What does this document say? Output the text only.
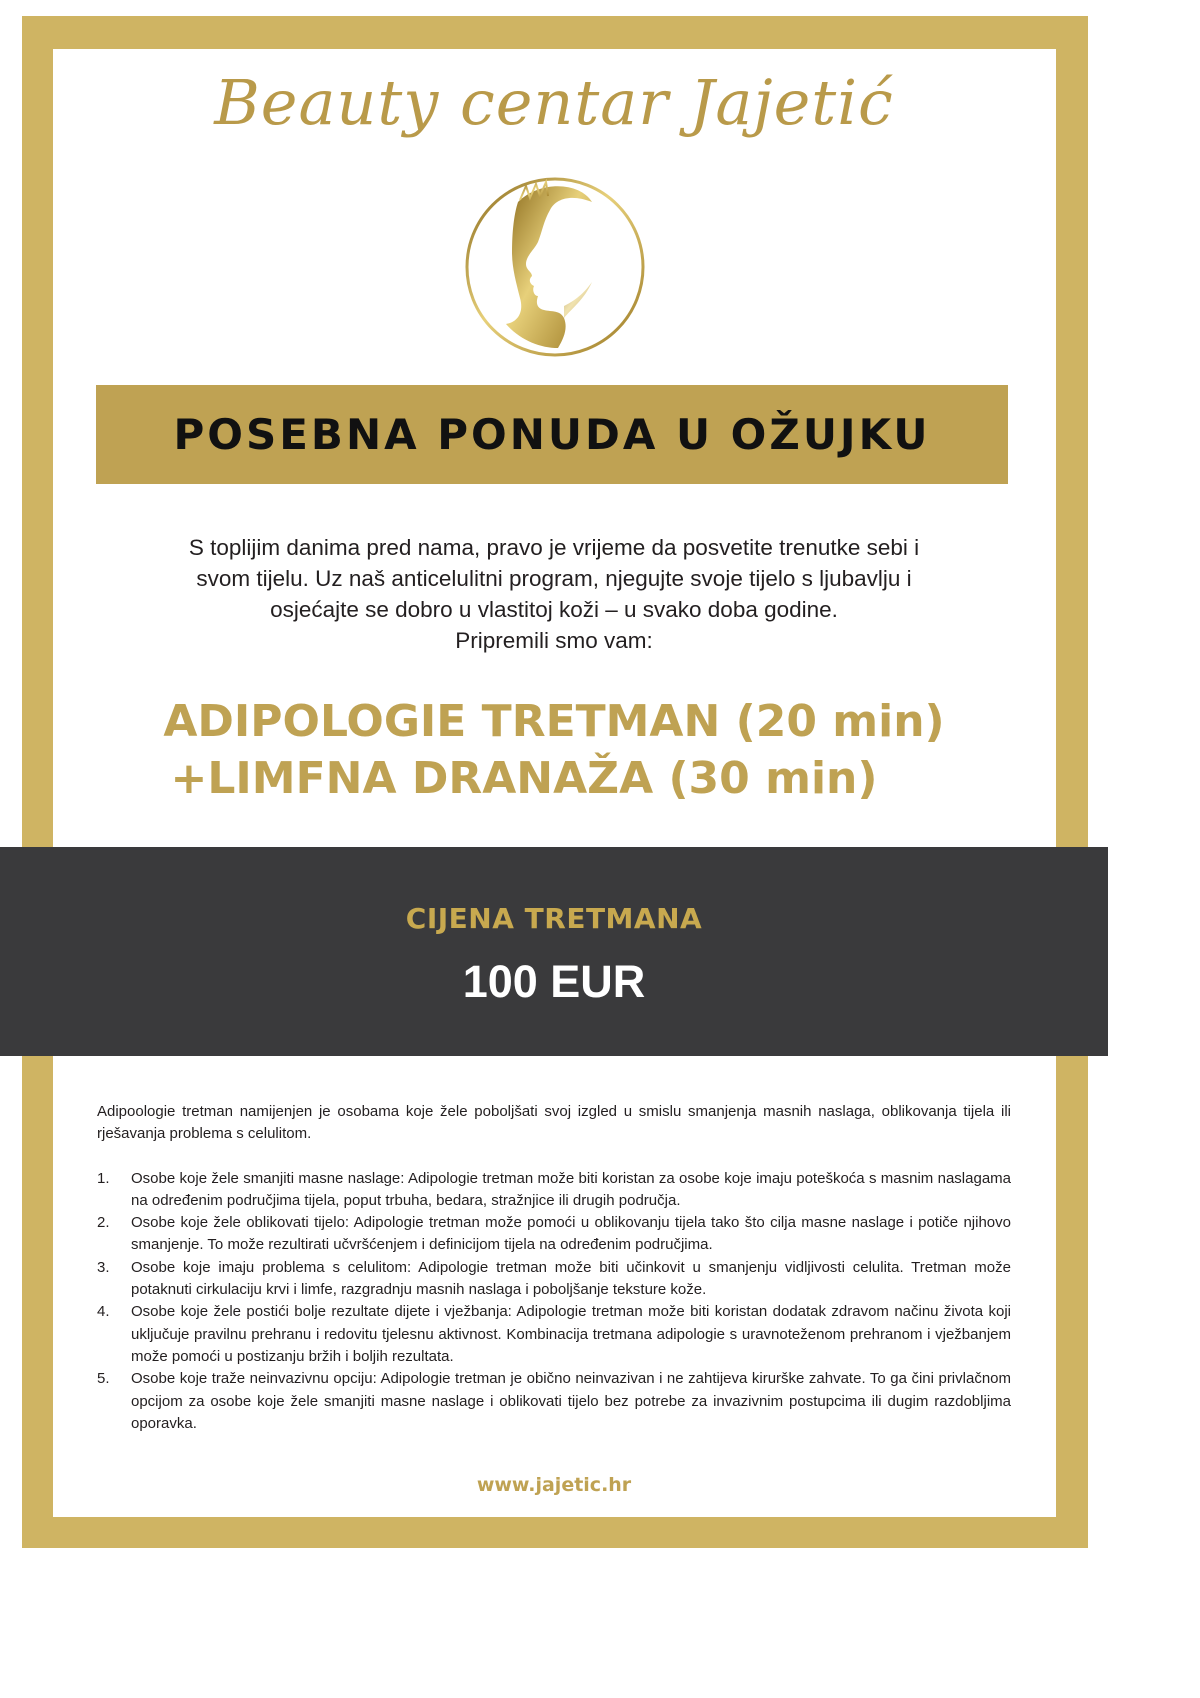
Beauty centar Jajetić
POSEBNA PONUDA U OŽUJKU
S toplijim danima pred nama, pravo je vrijeme da posvetite trenutke sebi i
svom tijelu. Uz naš anticelulitni program, njegujte svoje tijelo s ljubavlju i
osjećajte se dobro u vlastitoj koži – u svako doba godine.
Pripremili smo vam:
ADIPOLOGIE TRETMAN (20 min)
+LIMFNA DRANAŽA (30 min)
CIJENA TRETMANA
100 EUR

Adipoologie tretman namijenjen je osobama koje žele poboljšati svoj izgled u smislu smanjenja masnih naslaga, oblikovanja tijela ili rješavanja problema s celulitom.

1. Osobe koje žele smanjiti masne naslage: Adipologie tretman može biti koristan za osobe koje imaju poteškoća s masnim naslagama na određenim područjima tijela, poput trbuha, bedara, stražnjice ili drugih područja.
2. Osobe koje žele oblikovati tijelo: Adipologie tretman može pomoći u oblikovanju tijela tako što cilja masne naslage i potiče njihovo smanjenje. To može rezultirati učvršćenjem i definicijom tijela na određenim područjima.
3. Osobe koje imaju problema s celulitom: Adipologie tretman može biti učinkovit u smanjenju vidljivosti celulita. Tretman može potaknuti cirkulaciju krvi i limfe, razgradnju masnih naslaga i poboljšanje teksture kože.
4. Osobe koje žele postići bolje rezultate dijete i vježbanja: Adipologie tretman može biti koristan dodatak zdravom načinu života koji uključuje pravilnu prehranu i redovitu tjelesnu aktivnost. Kombinacija tretmana adipologie s uravnoteženom prehranom i vježbanjem može pomoći u postizanju bržih i boljih rezultata.
5. Osobe koje traže neinvazivnu opciju: Adipologie tretman je obično neinvazivan i ne zahtijeva kirurške zahvate. To ga čini privlačnom opcijom za osobe koje žele smanjiti masne naslage i oblikovati tijelo bez potrebe za invazivnim postupcima ili dugim razdobljima oporavka.
www.jajetic.hr
